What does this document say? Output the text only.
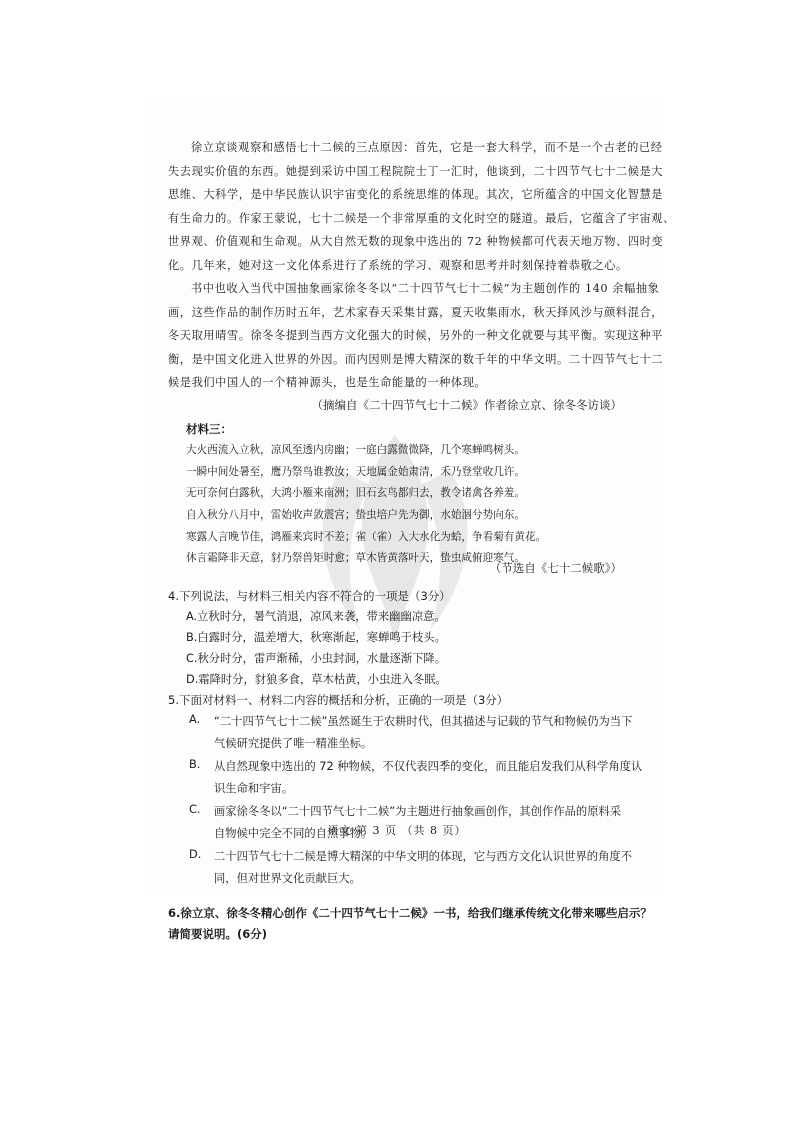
徐立京谈观察和感悟七十二候的三点原因：首先，它是一套大科学，而不是一个古老的已经
失去现实价值的东西。她提到采访中国工程院院士丁一汇时，他谈到，二十四节气七十二候是大
思维、大科学，是中华民族认识宇宙变化的系统思维的体现。其次，它所蕴含的中国文化智慧是
有生命力的。作家王蒙说，七十二候是一个非常厚重的文化时空的隧道。最后，它蕴含了宇宙观、
世界观、价值观和生命观。从大自然无数的现象中选出的 72 种物候都可代表天地万物、四时变
化。几年来，她对这一文化体系进行了系统的学习、观察和思考并时刻保持着恭敬之心。
书中也收入当代中国抽象画家徐冬冬以“二十四节气七十二候”为主题创作的 140 余幅抽象
画，这些作品的制作历时五年，艺术家春天采集甘露，夏天收集雨水，秋天择风沙与颜料混合，
冬天取用晴雪。徐冬冬提到当西方文化强大的时候，另外的一种文化就要与其平衡。实现这种平
衡，是中国文化进入世界的外因。而内因则是博大精深的数千年的中华文明。二十四节气七十二
候是我们中国人的一个精神源头，也是生命能量的一种体现。
（摘编自《二十四节气七十二候》作者徐立京、徐冬冬访谈）
材料三：
大火西流入立秋，凉风至透内房幽；一庭白露微微降，几个寒蝉鸣树头。
一瞬中间处暑至，鹰乃祭鸟谁教汝；天地属金始肃清，禾乃登堂收几许。
无可奈何白露秋，大鸿小雁来南洲；旧石玄鸟都归去，教令诸禽各养羞。
自入秋分八月中，雷始收声敛震宫；蛰虫培户先为御，水始涸兮势向东。
寒露人言晚节佳，鸿雁来宾时不差；雀（雀）入大水化为蛤，争看菊有黄花。
休言霜降非天意，豺乃祭兽矩时愈；草木皆黄落叶天，蛰虫咸俯迎寒气。
（节选自《七十二候歌》）
4.下列说法，与材料三相关内容不符合的一项是（3分）
A.立秋时分，暑气消退，凉风来袭，带来幽幽凉意。
B.白露时分，温差增大，秋寒渐起，寒蝉鸣于枝头。
C.秋分时分，雷声渐稀，小虫封洞，水量逐渐下降。
D.霜降时分，豺狼多食，草木枯黄，小虫进入冬眠。
5.下面对材料一、材料二内容的概括和分析，正确的一项是（3分）
A. “二十四节气七十二候”虽然诞生于农耕时代，但其描述与记载的节气和物候仍为当下
气候研究提供了唯一精准坐标。
B. 从自然现象中选出的 72 种物候，不仅代表四季的变化，而且能启发我们从科学角度认
识生命和宇宙。
C. 画家徐冬冬以“二十四节气七十二候”为主题进行抽象画创作，其创作作品的原料采
自物候中完全不同的自然事物。
D. 二十四节气七十二候是博大精深的中华文明的体现，它与西方文化认识世界的角度不
同，但对世界文化贡献巨大。
6.徐立京、徐冬冬精心创作《二十四节气七十二候》一书，给我们继承传统文化带来哪些启示？
请简要说明。(6分)
语文 第 3 页 （共 8 页）
